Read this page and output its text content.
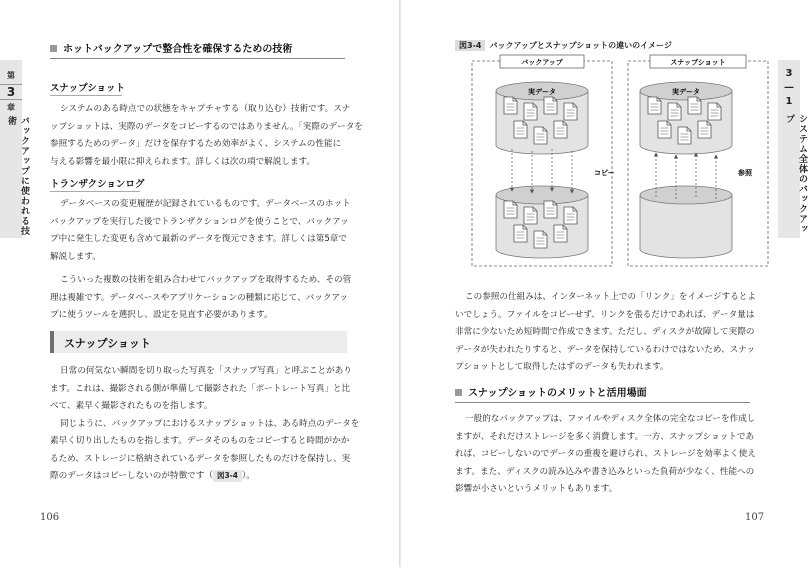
第
3
章
バックアップに使われる技術
ホットバックアップで整合性を確保するための技術
スナップショット
システムのある時点での状態をキャプチャする（取り込む）技術です。スナ
ップショットは、実際のデータをコピーするのではありません。「実際のデータを
参照するためのデータ」だけを保存するため効率がよく、システムの性能に
与える影響を最小限に抑えられます。詳しくは次の項で解説します。
トランザクションログ
データベースの変更履歴が記録されているものです。データベースのホット
バックアップを実行した後でトランザクションログを使うことで、バックアッ
プ中に発生した変更も含めて最新のデータを復元できます。詳しくは第5章で
解説します。
こういった複数の技術を組み合わせてバックアップを取得するため、その管
理は複雑です。データベースやアプリケーションの種類に応じて、バックアッ
プに使うツールを選択し、設定を見直す必要があります。
スナップショット
日常の何気ない瞬間を切り取った写真を「スナップ写真」と呼ぶことがあり
ます。これは、撮影される側が準備して撮影された「ポートレート写真」と比
べて、素早く撮影されたものを指します。
同じように、バックアップにおけるスナップショットは、ある時点のデータを
素早く切り出したものを指します。データそのものをコピーすると時間がかか
るため、ストレージに格納されているデータを参照したものだけを保持し、実
際のデータはコピーしないのが特徴です（ 図3-4 ）。
106
3
—
1
システム全体のバックアップ
図3-4 バックアップとスナップショットの違いのイメージ
バックアップ
実データ
コピー
スナップショット
実データ
参照
この参照の仕組みは、インターネット上での「リンク」をイメージするとよ
いでしょう。ファイルをコピーせず、リンクを張るだけであれば、データ量は
非常に少ないため短時間で作成できます。ただし、ディスクが故障して実際の
データが失われたりすると、データを保持しているわけではないため、スナッ
プショットとして取得したはずのデータも失われます。
スナップショットのメリットと活用場面
一般的なバックアップは、ファイルやディスク全体の完全なコピーを作成し
ますが、それだけストレージを多く消費します。一方、スナップショットであ
れば、コピーしないのでデータの重複を避けられ、ストレージを効率よく使え
ます。また、ディスクの読み込みや書き込みといった負荷が少なく、性能への
影響が小さいというメリットもあります。
107
